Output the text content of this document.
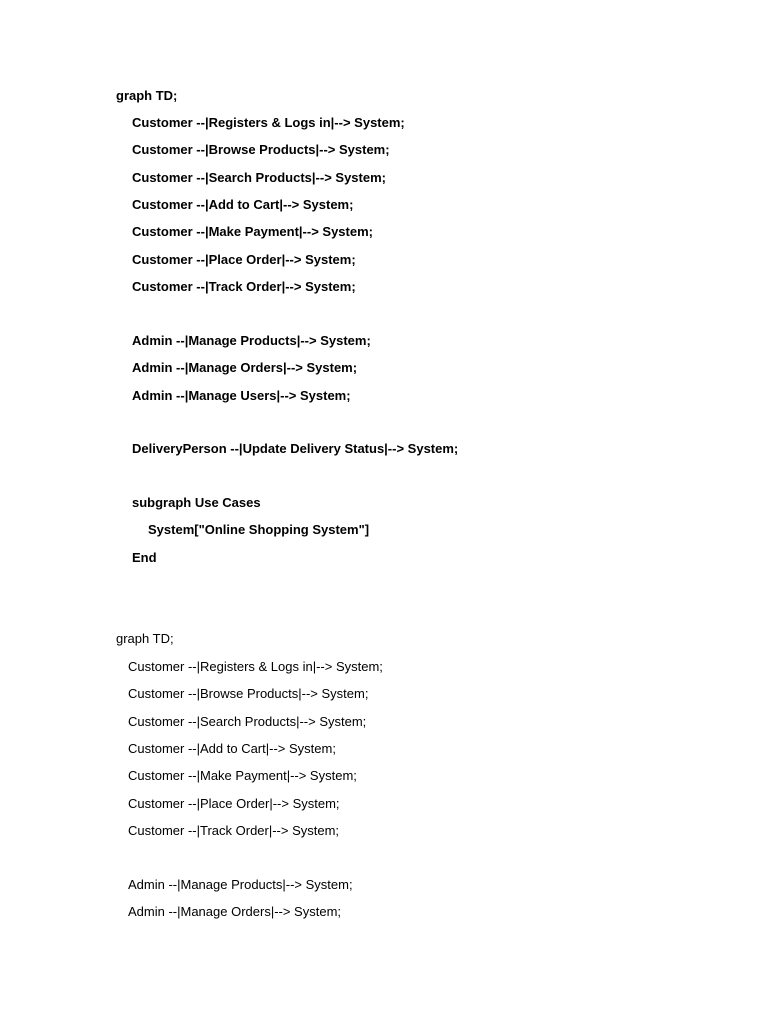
graph TD;
Customer --|Registers & Logs in|--> System;
Customer --|Browse Products|--> System;
Customer --|Search Products|--> System;
Customer --|Add to Cart|--> System;
Customer --|Make Payment|--> System;
Customer --|Place Order|--> System;
Customer --|Track Order|--> System;
Admin --|Manage Products|--> System;
Admin --|Manage Orders|--> System;
Admin --|Manage Users|--> System;
DeliveryPerson --|Update Delivery Status|--> System;
subgraph Use Cases
System["Online Shopping System"]
End
graph TD;
Customer --|Registers & Logs in|--> System;
Customer --|Browse Products|--> System;
Customer --|Search Products|--> System;
Customer --|Add to Cart|--> System;
Customer --|Make Payment|--> System;
Customer --|Place Order|--> System;
Customer --|Track Order|--> System;
Admin --|Manage Products|--> System;
Admin --|Manage Orders|--> System;
